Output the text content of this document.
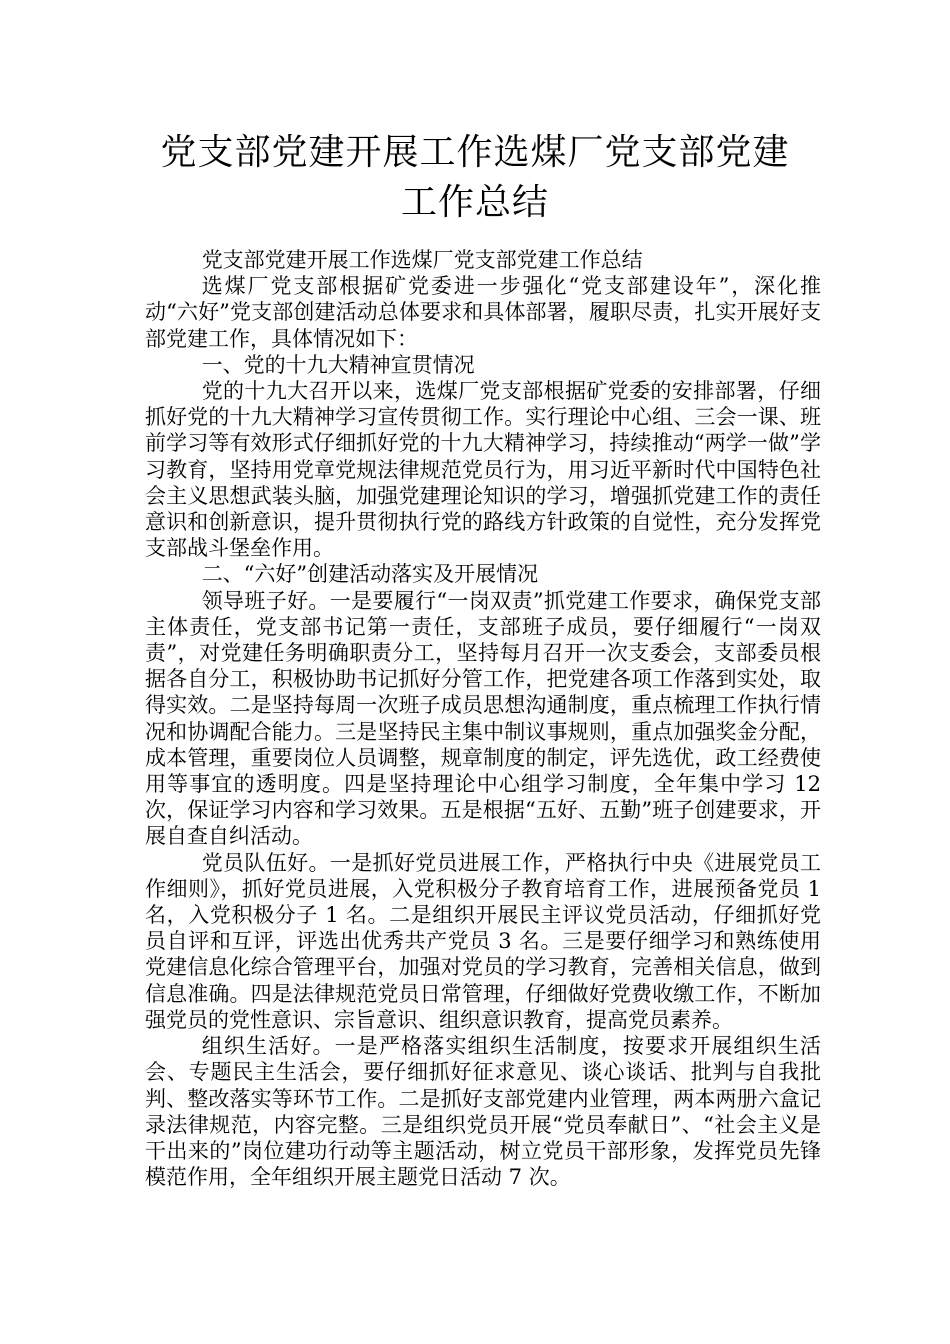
党支部党建开展工作选煤厂党支部党建工作总结

党支部党建开展工作选煤厂党支部党建工作总结

选煤厂党支部根据矿党委进一步强化“党支部建设年”，深化推动“六好”党支部创建活动总体要求和具体部署，履职尽责，扎实开展好支部党建工作，具体情况如下：

一、党的十九大精神宣贯情况

党的十九大召开以来，选煤厂党支部根据矿党委的安排部署，仔细抓好党的十九大精神学习宣传贯彻工作。实行理论中心组、三会一课、班前学习等有效形式仔细抓好党的十九大精神学习，持续推动“两学一做”学习教育，坚持用党章党规法律规范党员行为，用习近平新时代中国特色社会主义思想武装头脑，加强党建理论知识的学习，增强抓党建工作的责任意识和创新意识，提升贯彻执行党的路线方针政策的自觉性，充分发挥党支部战斗堡垒作用。

二、“六好”创建活动落实及开展情况

领导班子好。一是要履行“一岗双责”抓党建工作要求，确保党支部主体责任，党支部书记第一责任，支部班子成员，要仔细履行“一岗双责”，对党建任务明确职责分工，坚持每月召开一次支委会，支部委员根据各自分工，积极协助书记抓好分管工作，把党建各项工作落到实处，取得实效。二是坚持每周一次班子成员思想沟通制度，重点梳理工作执行情况和协调配合能力。三是坚持民主集中制议事规则，重点加强奖金分配，成本管理，重要岗位人员调整，规章制度的制定，评先选优，政工经费使用等事宜的透明度。四是坚持理论中心组学习制度，全年集中学习 12 次，保证学习内容和学习效果。五是根据“五好、五勤”班子创建要求，开展自查自纠活动。

党员队伍好。一是抓好党员进展工作，严格执行中央《进展党员工作细则》，抓好党员进展，入党积极分子教育培育工作，进展预备党员 1 名，入党积极分子 1 名。二是组织开展民主评议党员活动，仔细抓好党员自评和互评，评选出优秀共产党员 3 名。三是要仔细学习和熟练使用党建信息化综合管理平台，加强对党员的学习教育，完善相关信息，做到信息准确。四是法律规范党员日常管理，仔细做好党费收缴工作，不断加强党员的党性意识、宗旨意识、组织意识教育，提高党员素养。

组织生活好。一是严格落实组织生活制度，按要求开展组织生活会、专题民主生活会，要仔细抓好征求意见、谈心谈话、批判与自我批判、整改落实等环节工作。二是抓好支部党建内业管理，两本两册六盒记录法律规范，内容完整。三是组织党员开展“党员奉献日”、“社会主义是干出来的”岗位建功行动等主题活动，树立党员干部形象，发挥党员先锋模范作用，全年组织开展主题党日活动 7 次。
